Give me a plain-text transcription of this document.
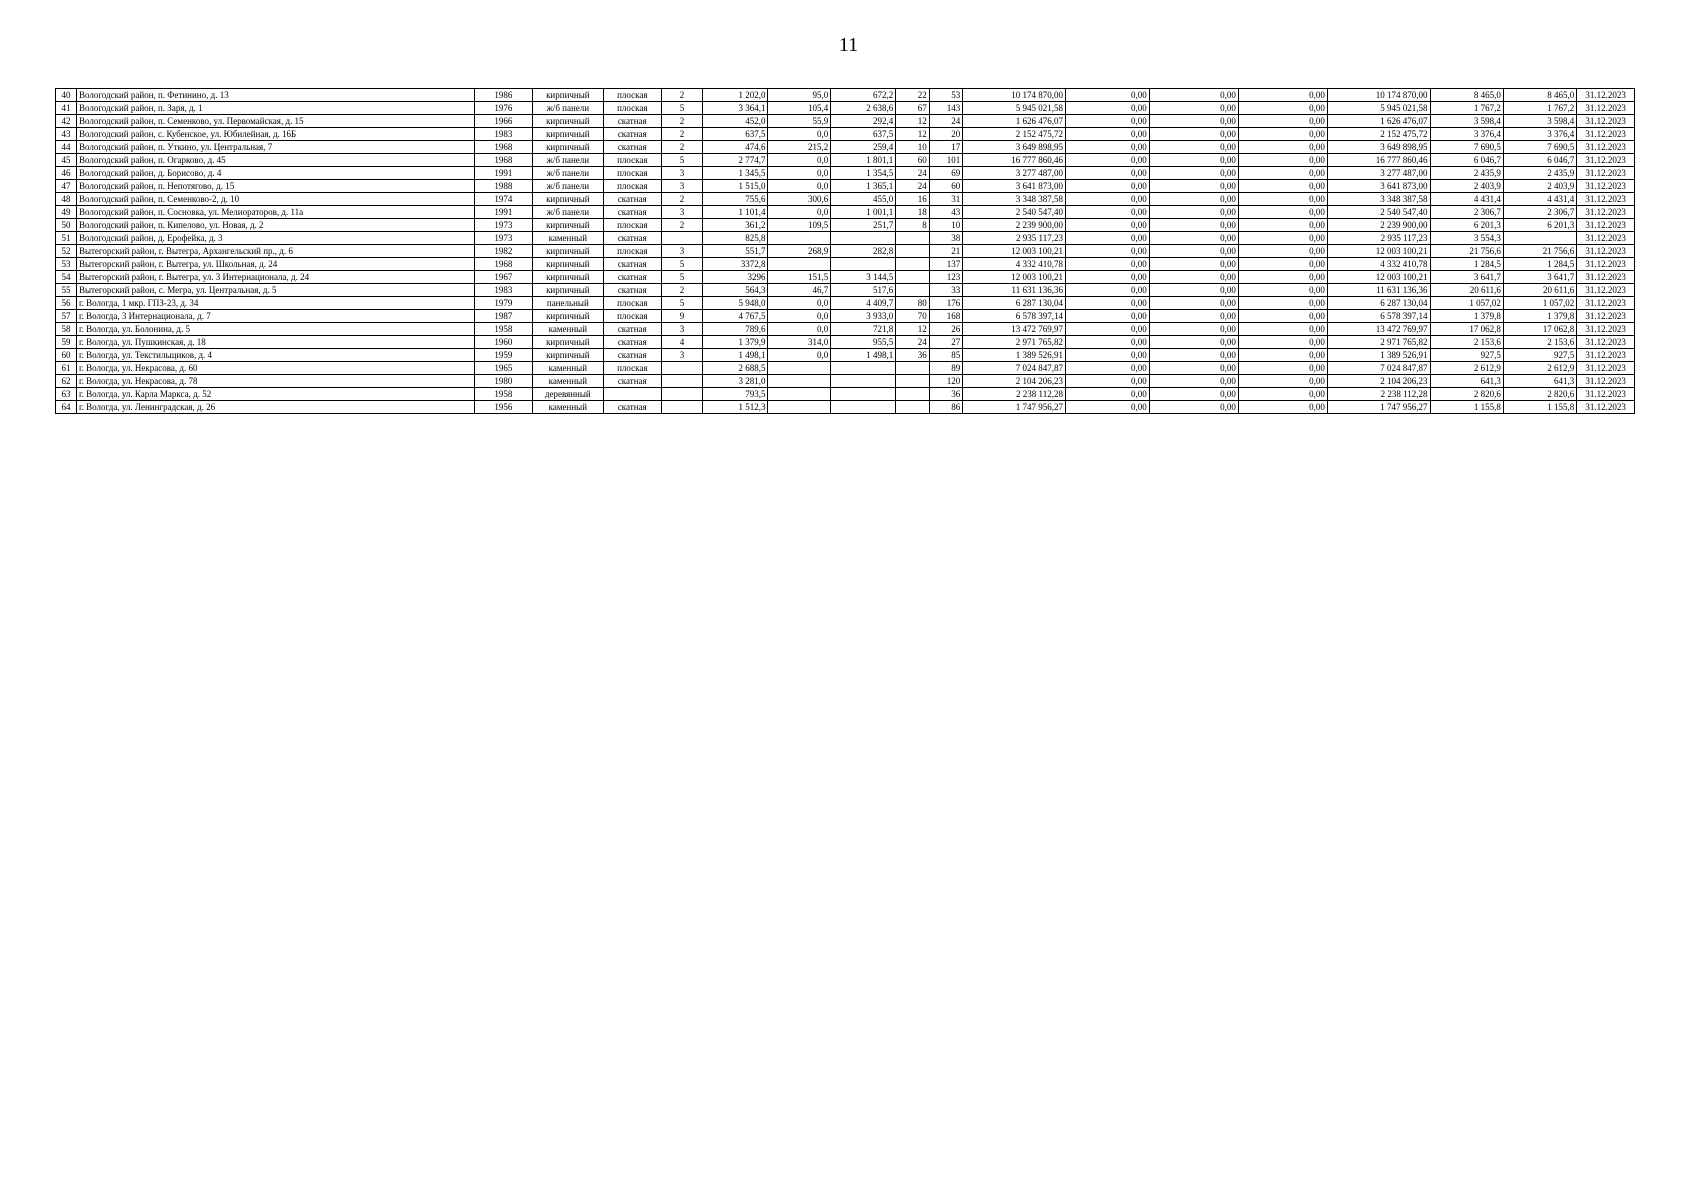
11
40	Вологодский район, п. Фетинино, д. 13	1986	кирпичный	плоская	2	1 202,0	95,0	672,2	22	53	10 174 870,00	0,00	0,00	0,00	10 174 870,00	8 465,0	8 465,0	31.12.2023
41	Вологодский район, п. Заря, д. 1	1976	ж/б панели	плоская	5	3 364,1	105,4	2 638,6	67	143	5 945 021,58	0,00	0,00	0,00	5 945 021,58	1 767,2	1 767,2	31.12.2023
42	Вологодский район, п. Семенково, ул. Первомайская, д. 15	1966	кирпичный	скатная	2	452,0	55,9	292,4	12	24	1 626 476,07	0,00	0,00	0,00	1 626 476,07	3 598,4	3 598,4	31.12.2023
43	Вологодский район, с. Кубенское, ул. Юбилейная, д. 16Б	1983	кирпичный	скатная	2	637,5	0,0	637,5	12	20	2 152 475,72	0,00	0,00	0,00	2 152 475,72	3 376,4	3 376,4	31.12.2023
44	Вологодский район, п. Уткино, ул. Центральная, 7	1968	кирпичный	скатная	2	474,6	215,2	259,4	10	17	3 649 898,95	0,00	0,00	0,00	3 649 898,95	7 690,5	7 690,5	31.12.2023
45	Вологодский район, п. Огарково, д. 45	1968	ж/б панели	плоская	5	2 774,7	0,0	1 801,1	60	101	16 777 860,46	0,00	0,00	0,00	16 777 860,46	6 046,7	6 046,7	31.12.2023
46	Вологодский район, д. Борисово, д. 4	1991	ж/б панели	плоская	3	1 345,5	0,0	1 354,5	24	69	3 277 487,00	0,00	0,00	0,00	3 277 487,00	2 435,9	2 435,9	31.12.2023
47	Вологодский район, п. Непотягово, д. 15	1988	ж/б панели	плоская	3	1 515,0	0,0	1 365,1	24	60	3 641 873,00	0,00	0,00	0,00	3 641 873,00	2 403,9	2 403,9	31.12.2023
48	Вологодский район, п. Семенково-2, д. 10	1974	кирпичный	скатная	2	755,6	300,6	455,0	16	31	3 348 387,58	0,00	0,00	0,00	3 348 387,58	4 431,4	4 431,4	31.12.2023
49	Вологодский район, п. Сосновка, ул. Мелиораторов, д. 11а	1991	ж/б панели	скатная	3	1 101,4	0,0	1 001,1	18	43	2 540 547,40	0,00	0,00	0,00	2 540 547,40	2 306,7	2 306,7	31.12.2023
50	Вологодский район, п. Кипелово, ул. Новая, д. 2	1973	кирпичный	плоская	2	361,2	109,5	251,7	8	10	2 239 900,00	0,00	0,00	0,00	2 239 900,00	6 201,3	6 201,3	31.12.2023
51	Вологодский район, д. Ерофейка, д. 3	1973	каменный	скатная		825,8				38	2 935 117,23	0,00	0,00	0,00	2 935 117,23	3 554,3		31.12.2023
52	Вытегорский район, г. Вытегра, Архангельский пр., д. 6	1982	кирпичный	плоская	3	551,7	268,9	282,8		21	12 003 100,21	0,00	0,00	0,00	12 003 100,21	21 756,6	21 756,6	31.12.2023
53	Вытегорский район, г. Вытегра, ул. Школьная, д. 24	1968	кирпичный	скатная	5	3372,8				137	4 332 410,78	0,00	0,00	0,00	4 332 410,78	1 284,5	1 284,5	31.12.2023
54	Вытегорский район, г. Вытегра, ул. 3 Интернационала, д. 24	1967	кирпичный	скатная	5	3296	151,5	3 144,5		123	12 003 100,21	0,00	0,00	0,00	12 003 100,21	3 641,7	3 641,7	31.12.2023
55	Вытегорский район, с. Мегра, ул. Центральная, д. 5	1983	кирпичный	скатная	2	564,3	46,7	517,6		33	11 631 136,36	0,00	0,00	0,00	11 631 136,36	20 611,6	20 611,6	31.12.2023
56	г. Вологда, 1 мкр. ГПЗ-23, д. 34	1979	панельный	плоская	5	5 948,0	0,0	4 409,7	80	176	6 287 130,04	0,00	0,00	0,00	6 287 130,04	1 057,02	1 057,02	31.12.2023
57	г. Вологда, 3 Интернационала, д. 7	1987	кирпичный	плоская	9	4 767,5	0,0	3 933,0	70	168	6 578 397,14	0,00	0,00	0,00	6 578 397,14	1 379,8	1 379,8	31.12.2023
58	г. Вологда, ул. Болонина, д. 5	1958	каменный	скатная	3	789,6	0,0	721,8	12	26	13 472 769,97	0,00	0,00	0,00	13 472 769,97	17 062,8	17 062,8	31.12.2023
59	г. Вологда, ул. Пушкинская, д. 18	1960	кирпичный	скатная	4	1 379,9	314,0	955,5	24	27	2 971 765,82	0,00	0,00	0,00	2 971 765,82	2 153,6	2 153,6	31.12.2023
60	г. Вологда, ул. Текстильщиков, д. 4	1959	кирпичный	скатная	3	1 498,1	0,0	1 498,1	36	85	1 389 526,91	0,00	0,00	0,00	1 389 526,91	927,5	927,5	31.12.2023
61	г. Вологда, ул. Некрасова, д. 60	1965	каменный	плоская		2 688,5				89	7 024 847,87	0,00	0,00	0,00	7 024 847,87	2 612,9	2 612,9	31.12.2023
62	г. Вологда, ул. Некрасова, д. 78	1980	каменный	скатная		3 281,0				120	2 104 206,23	0,00	0,00	0,00	2 104 206,23	641,3	641,3	31.12.2023
63	г. Вологда, ул. Карла Маркса, д. 52	1958	деревянный			793,5				36	2 238 112,28	0,00	0,00	0,00	2 238 112,28	2 820,6	2 820,6	31.12.2023
64	г. Вологда, ул. Ленинградская, д. 26	1956	каменный	скатная		1 512,3				86	1 747 956,27	0,00	0,00	0,00	1 747 956,27	1 155,8	1 155,8	31.12.2023
